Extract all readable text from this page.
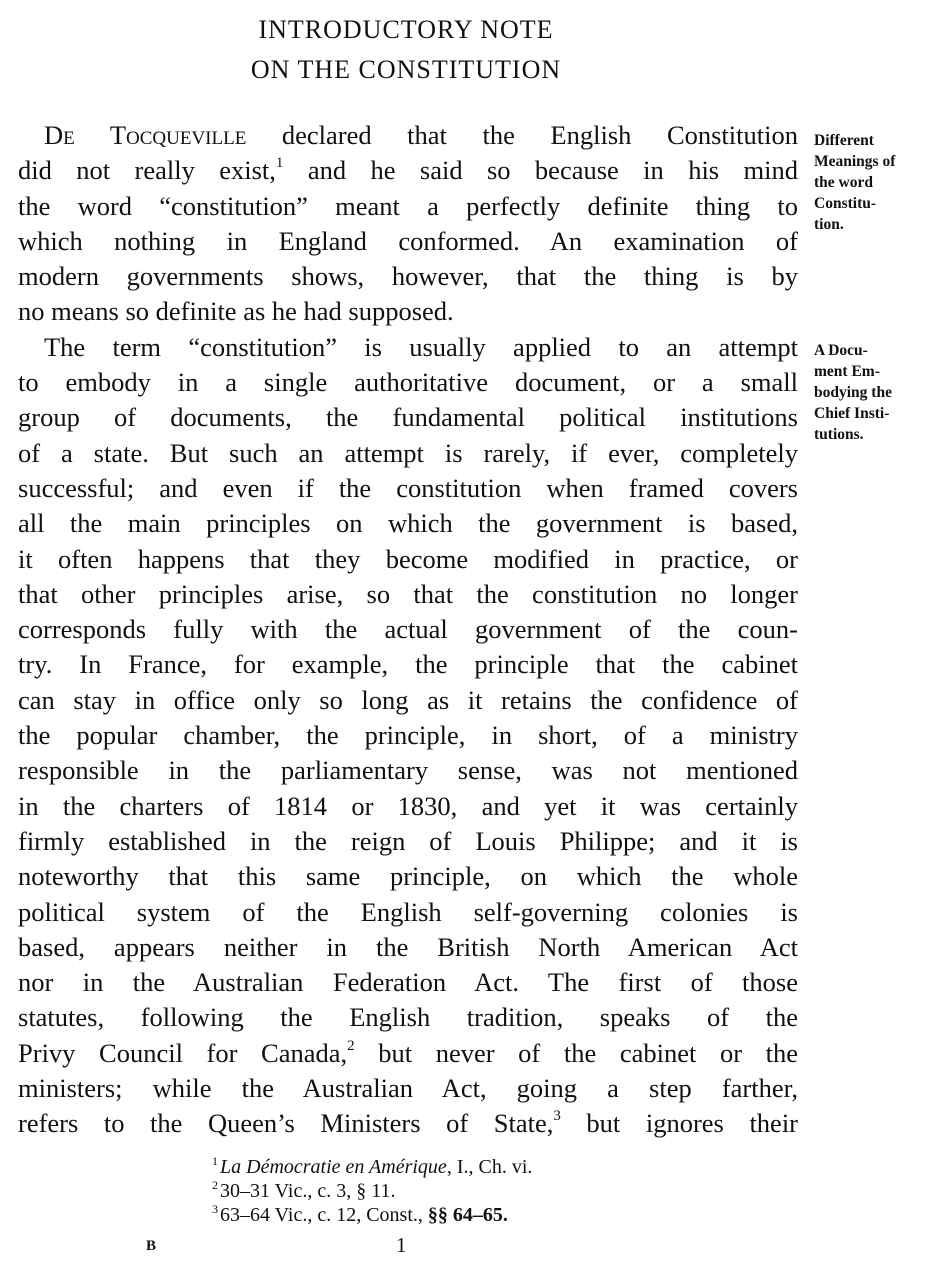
INTRODUCTORY NOTE
ON THE CONSTITUTION
De Tocqueville declared that the English Constitution
did not really exist,$^1$ and he said so because in his mind
the word “constitution” meant a perfectly definite thing to
which nothing in England conformed. An examination of
modern governments shows, however, that the thing is by
no means so definite as he had supposed.
The term “constitution” is usually applied to an attempt
to embody in a single authoritative document, or a small
group of documents, the fundamental political institutions
of a state. But such an attempt is rarely, if ever, completely
successful; and even if the constitution when framed covers
all the main principles on which the government is based,
it often happens that they become modified in practice, or
that other principles arise, so that the constitution no longer
corresponds fully with the actual government of the coun-
try. In France, for example, the principle that the cabinet
can stay in office only so long as it retains the confidence of
the popular chamber, the principle, in short, of a ministry
responsible in the parliamentary sense, was not mentioned
in the charters of 1814 or 1830, and yet it was certainly
firmly established in the reign of Louis Philippe; and it is
noteworthy that this same principle, on which the whole
political system of the English self-governing colonies is
based, appears neither in the British North American Act
nor in the Australian Federation Act. The first of those
statutes, following the English tradition, speaks of the
Privy Council for Canada,$^2$ but never of the cabinet or the
ministers; while the Australian Act, going a step farther,
refers to the Queen’s Ministers of State,$^3$ but ignores their
Different
Meanings of
the word
Constitu-
tion.
A Docu-
ment Em-
bodying the
Chief Insti-
tutions.
$^1$ La Démocratie en Amérique, I., Ch. vi.
$^2$ 30–31 Vic., c. 3, § 11.
$^3$ 63–64 Vic., c. 12, Const., §§ 64–65.
B	1
